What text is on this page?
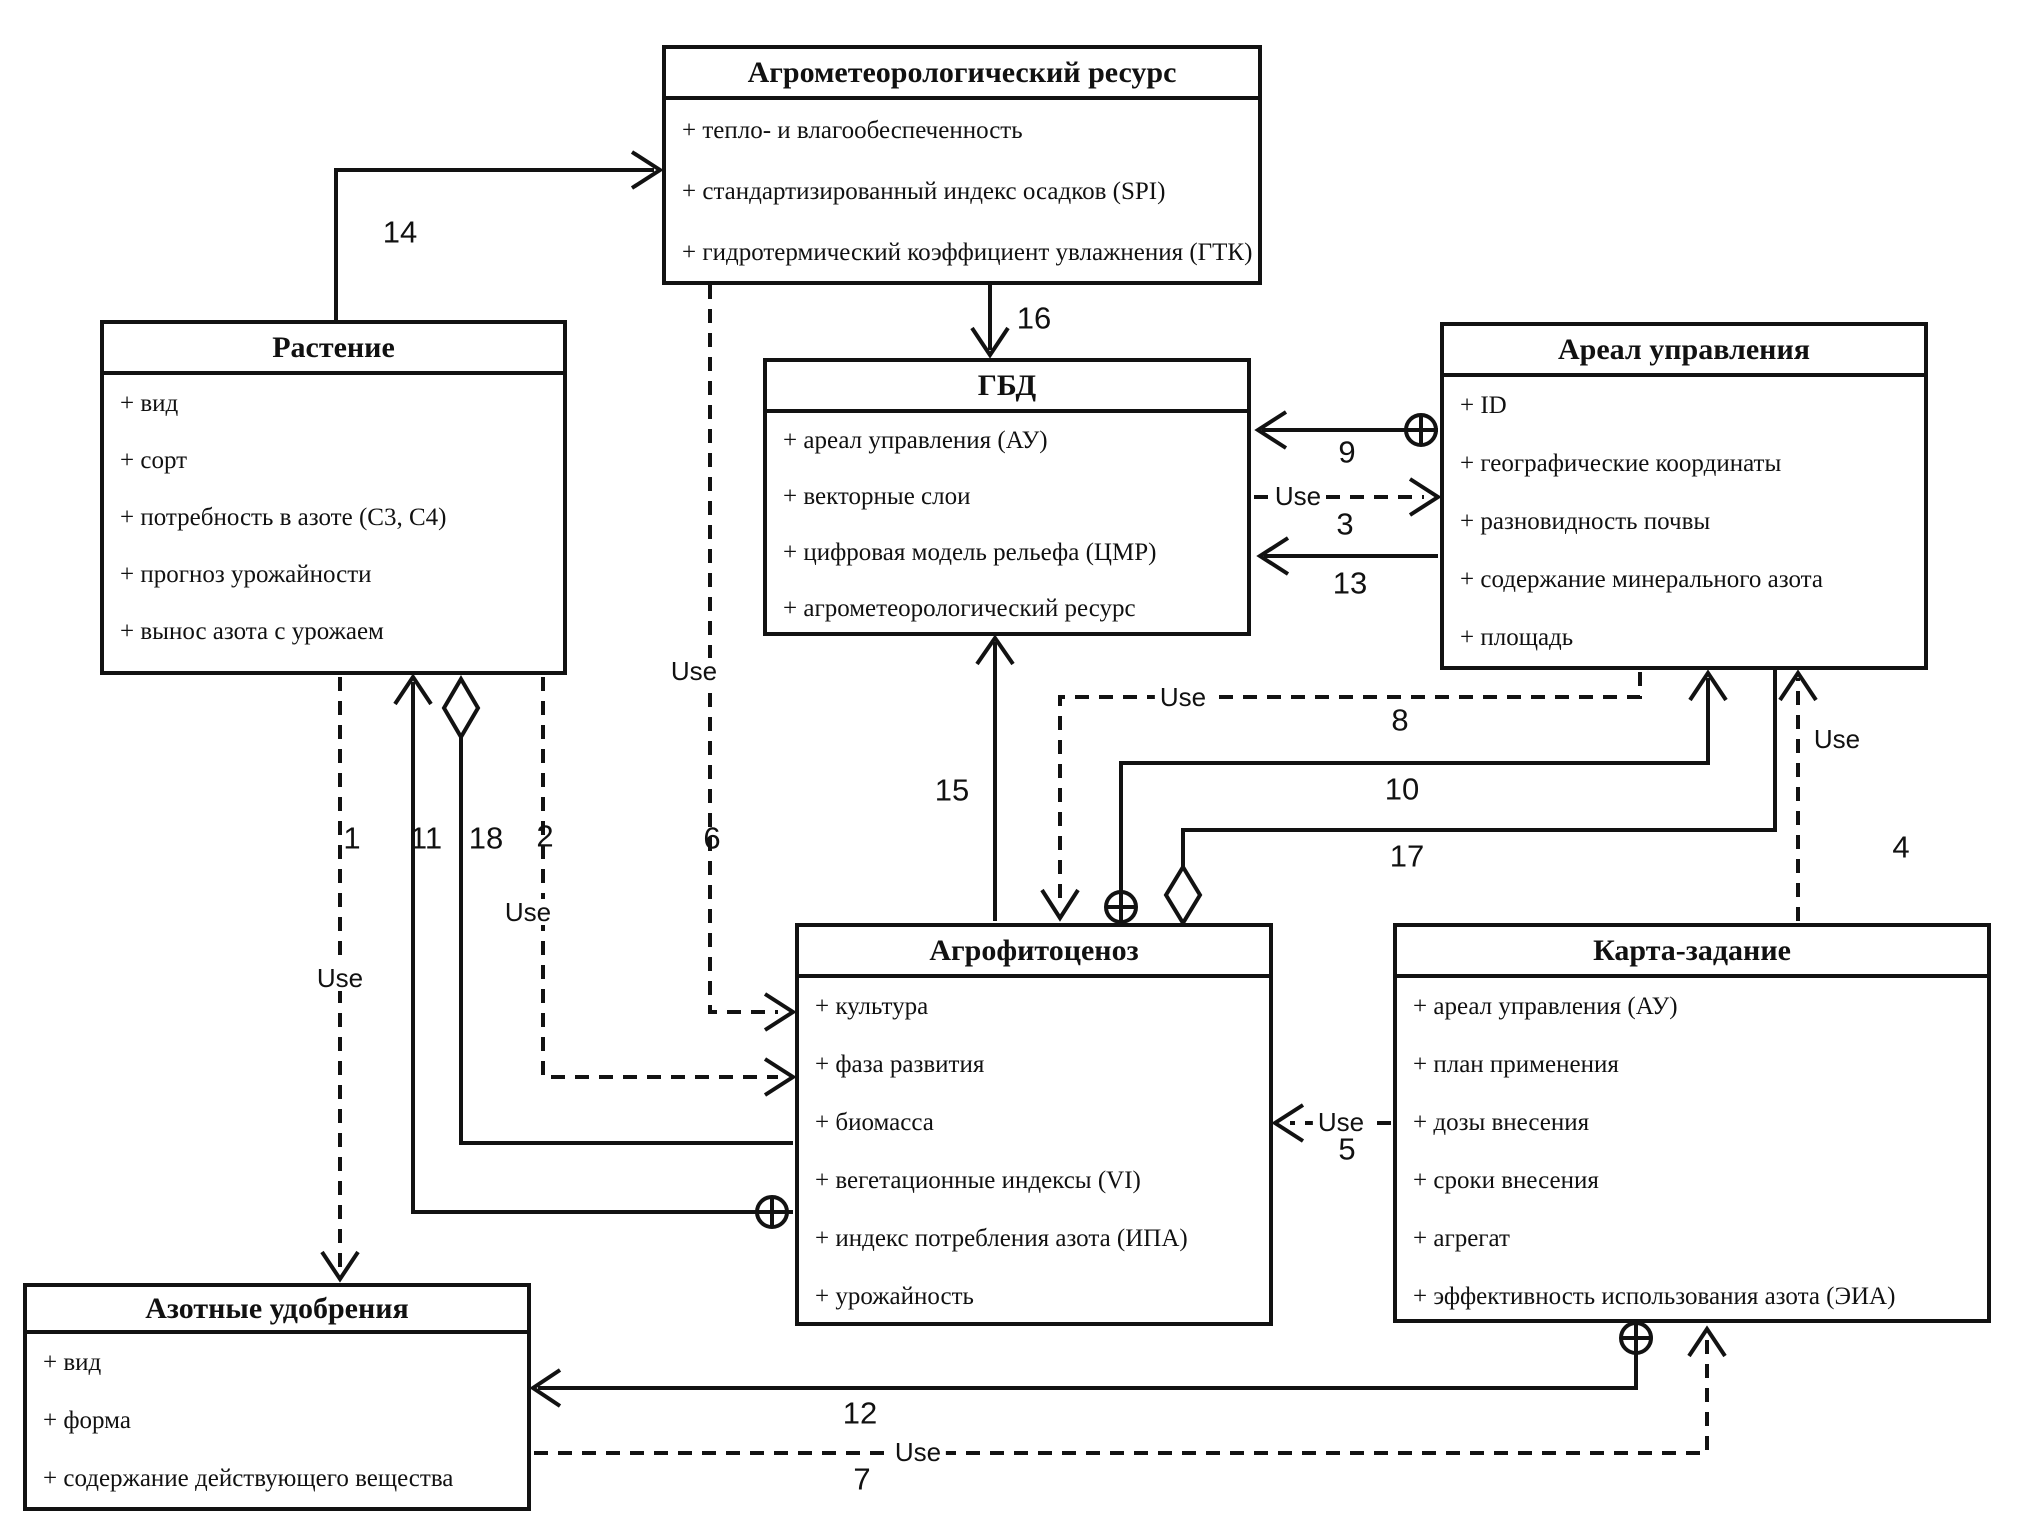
Агрометеорологический ресурс
+ тепло- и влагообеспеченность
+ стандартизированный индекс осадков (SPI)
+ гидротермический коэффициент увлажнения (ГТК)
Растение
+ вид
+ сорт
+ потребность в азоте (С3, С4)
+ прогноз урожайности
+ вынос азота с урожаем
ГБД
+ ареал управления (АУ)
+ векторные слои
+ цифровая модель рельефа (ЦМР)
+ агрометеорологический ресурс
Ареал управления
+ ID
+ географические координаты
+ разновидность почвы
+ содержание минерального азота
+ площадь
Агрофитоценоз
+ культура
+ фаза развития
+ биомасса
+ вегетационные индексы (VI)
+ индекс потребления азота (ИПА)
+ урожайность
Карта-задание
+ ареал управления (АУ)
+ план применения
+ дозы внесения
+ сроки внесения
+ агрегат
+ эффективность использования азота (ЭИА)
Азотные удобрения
+ вид
+ форма
+ содержание действующего вещества
14
16
15
9
Use
3
13
Use
8
10
17
Use
4
Use
6
1 11 18 2
Use
Use
Use
5
12
Use
7
